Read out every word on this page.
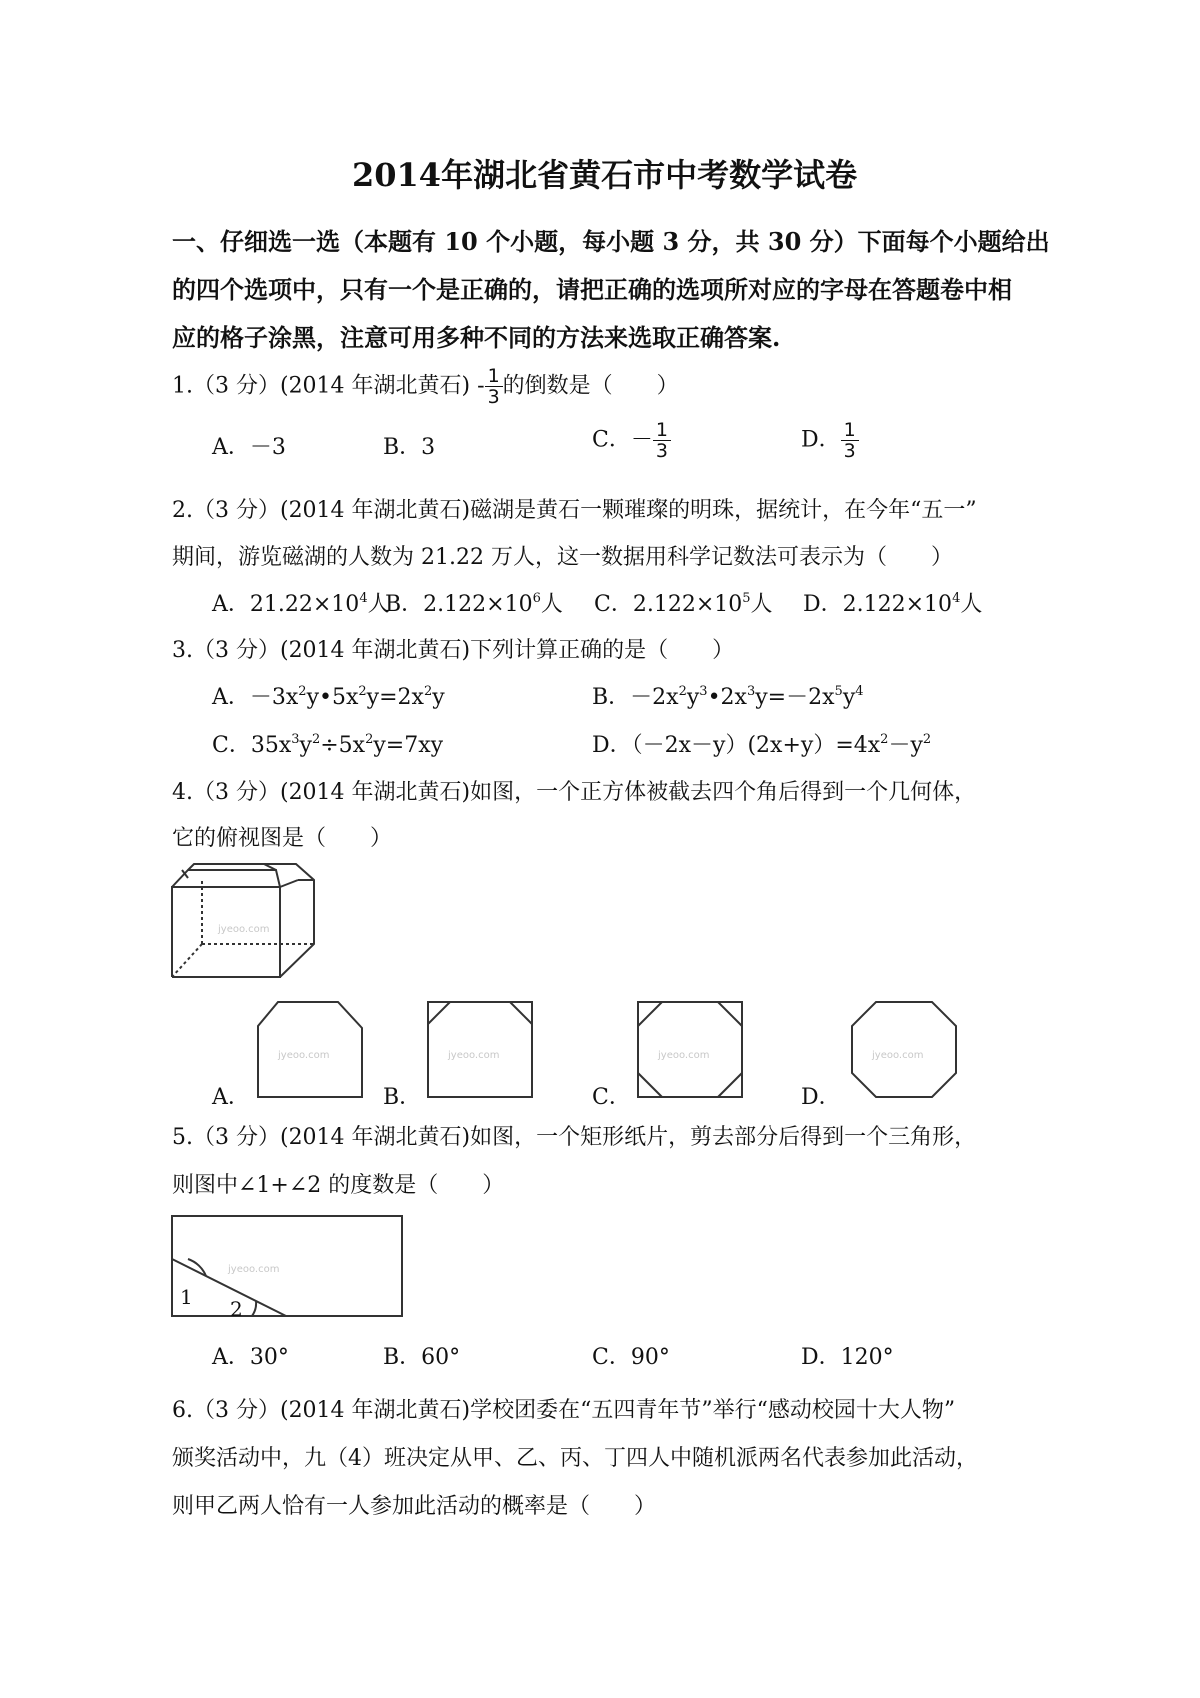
2014年湖北省黄石市中考数学试卷
一、仔细选一选（本题有 10 个小题，每小题 3 分，共 30 分）下面每个小题给出
的四个选项中，只有一个是正确的，请把正确的选项所对应的字母在答题卷中相
应的格子涂黑，注意可用多种不同的方法来选取正确答案.
1.（3 分）(2014 年湖北黄石) - $\frac{1}{3}$ 的倒数是（　　）
A．－3	B．3	C．－ $\frac{1}{3}$	D． $\frac{1}{3}$
2.（3 分）(2014 年湖北黄石)磁湖是黄石一颗璀璨的明珠，据统计，在今年“五一”
期间，游览磁湖的人数为 21.22 万人，这一数据用科学记数法可表示为（　　）
A．$21.22\times 10^4$人
B．$2.122\times 10^6$人 C．$2.122\times 10^5$人 D．$2.122\times 10^4$人
3.（3 分）(2014 年湖北黄石)下列计算正确的是（　　）
A．$-3x^2y•5x^2y=2x^2y$	B．$-2x^2y^3•2x^3y=-2x^5y^4$
C．$35x^3y^2\div 5x^2y=7xy$	D．$(-2x-y)(2x+y)=4x^2-y^2$
4.（3 分）(2014 年湖北黄石)如图，一个正方体被截去四个角后得到一个几何体，
它的俯视图是（　　）
jyeoo.com
A．
jyeoo.com
B．
jyeoo.com
C．
jyeoo.com
D．
jyeoo.com
5.（3 分）(2014 年湖北黄石)如图，一个矩形纸片，剪去部分后得到一个三角形，
则图中∠1+∠2 的度数是（　　）
1 2
jyeoo.com
A．30°	B．60°	C．90°	D．120°
6.（3 分）(2014 年湖北黄石)学校团委在“五四青年节”举行“感动校园十大人物”
颁奖活动中，九（4）班决定从甲、乙、丙、丁四人中随机派两名代表参加此活动，
则甲乙两人恰有一人参加此活动的概率是（　　）
